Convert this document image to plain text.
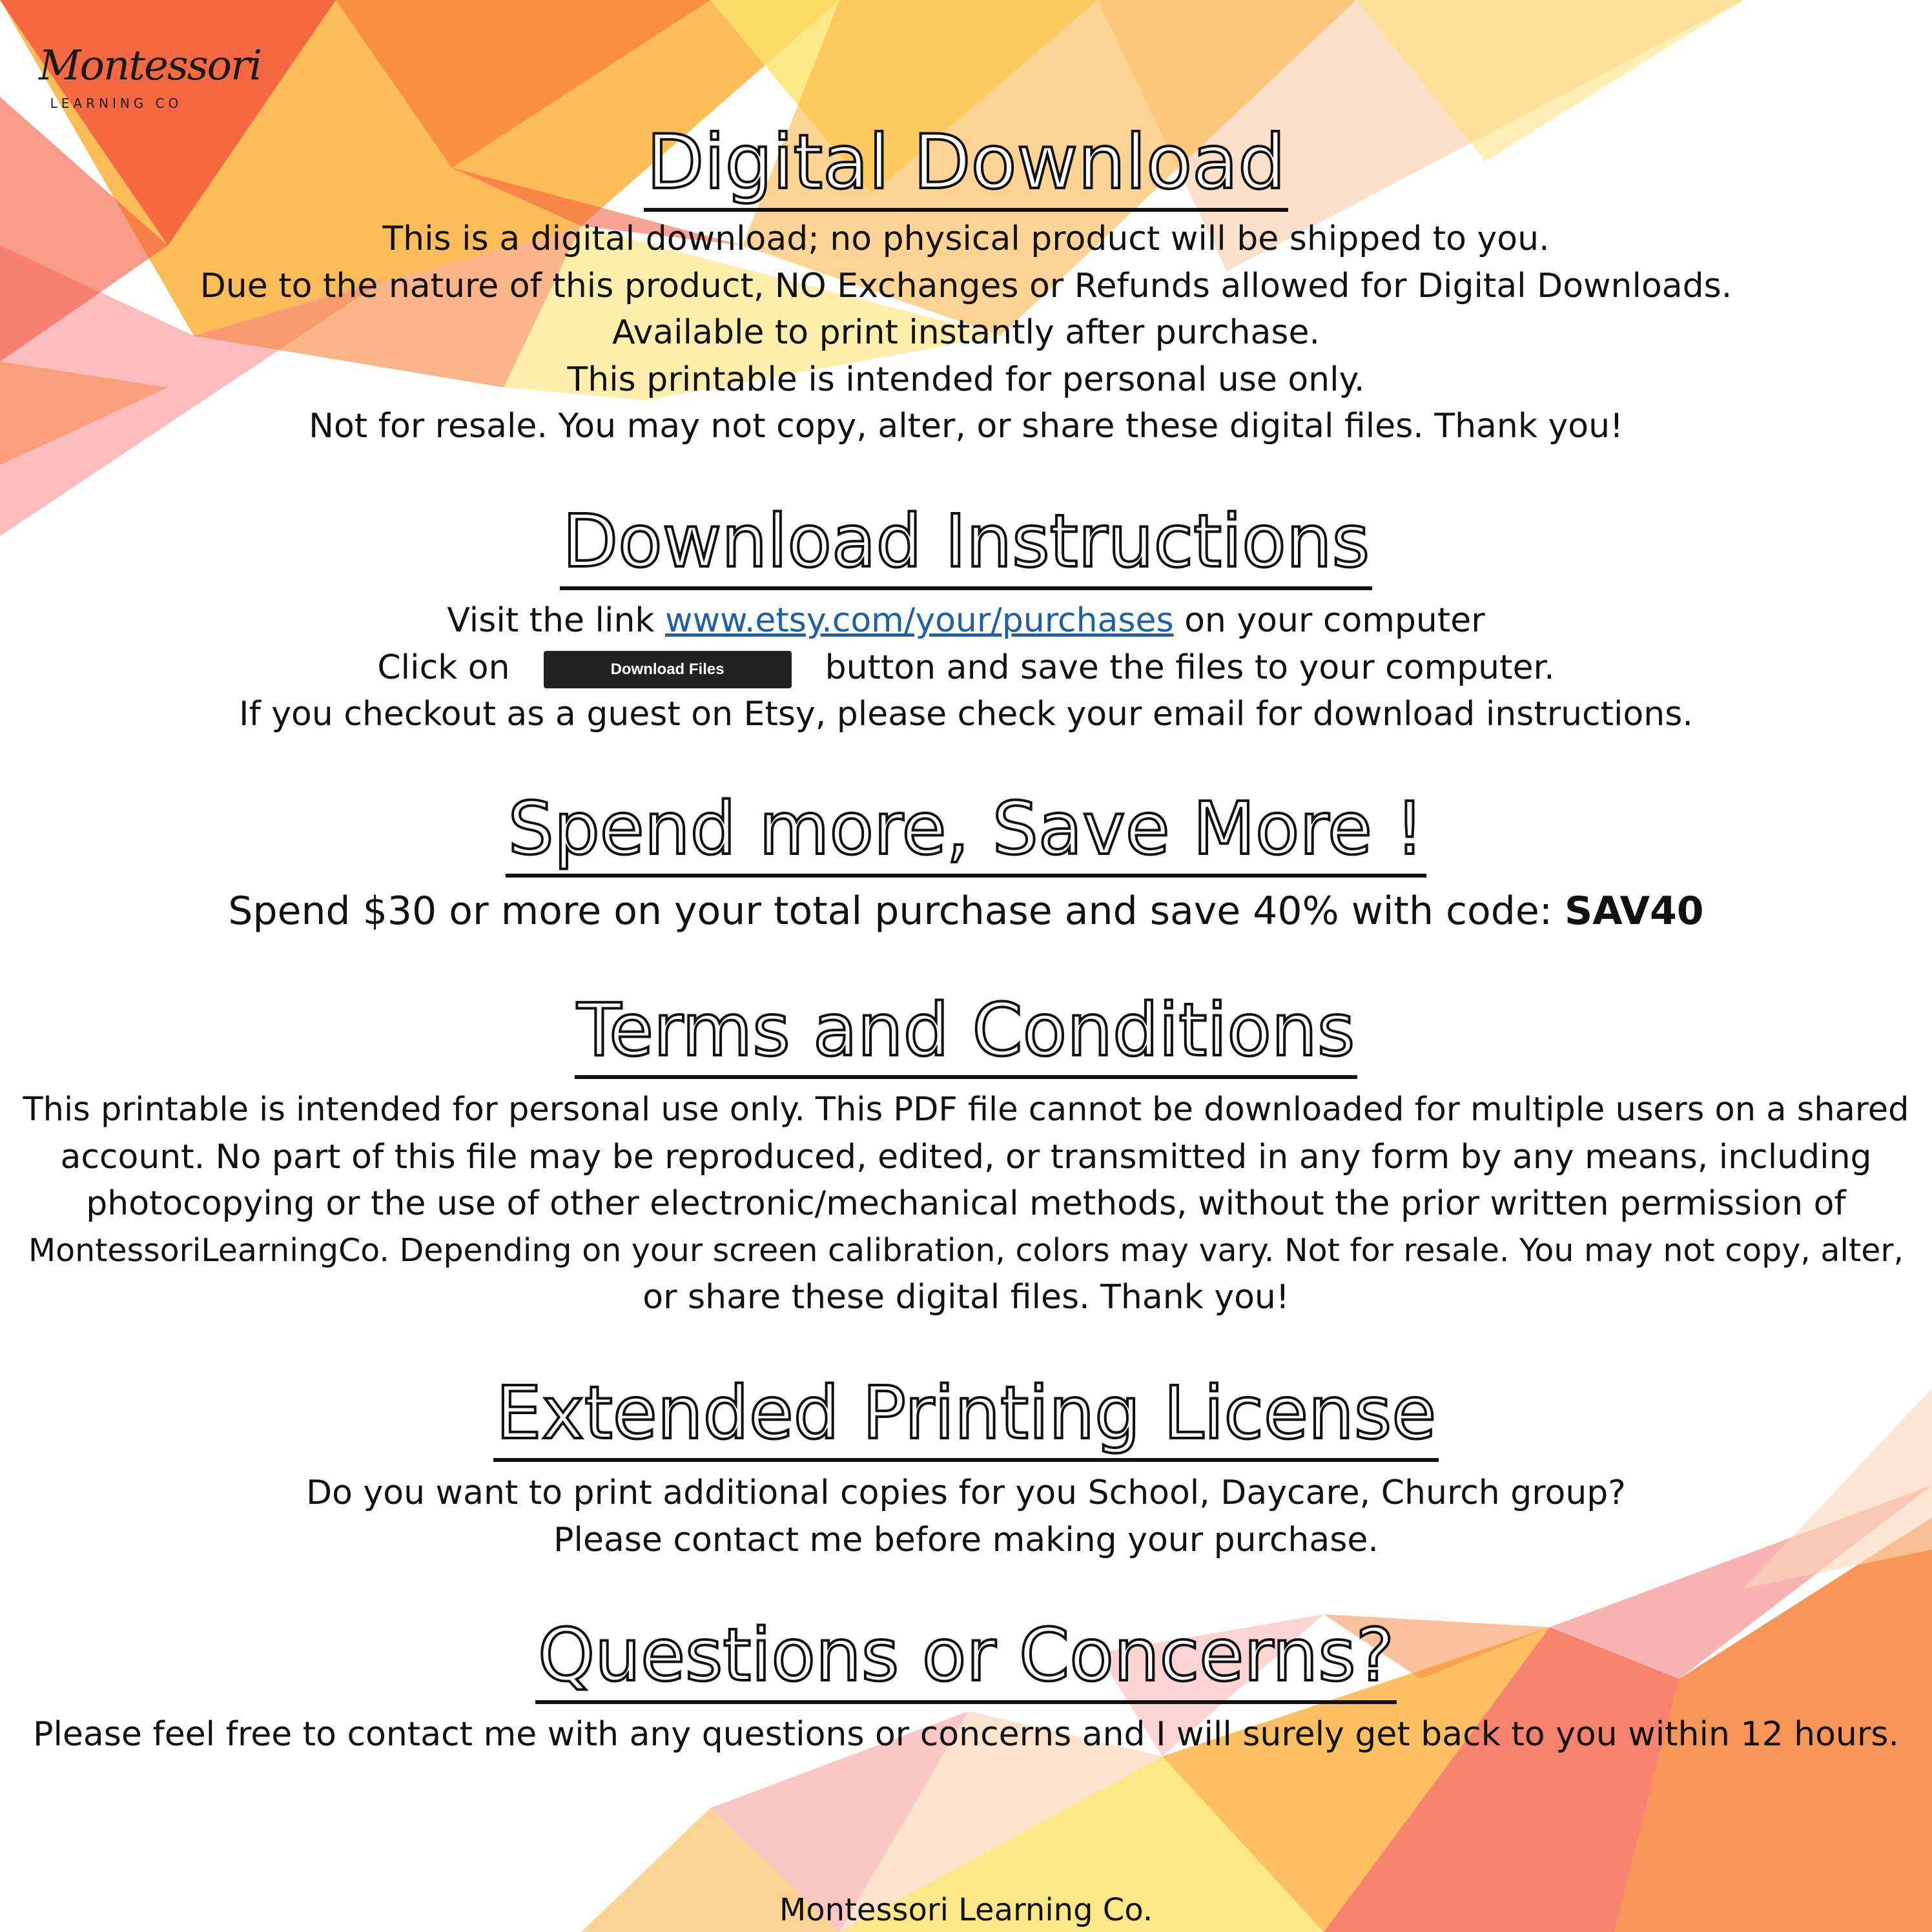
Montessori
LEARNING CO
Digital Download
This is a digital download; no physical product will be shipped to you.
Due to the nature of this product, NO Exchanges or Refunds allowed for Digital Downloads.
Available to print instantly after purchase.
This printable is intended for personal use only.
Not for resale. You may not copy, alter, or share these digital files. Thank you!
Download Instructions
Visit the link www.etsy.com/your/purchases on your computer
Click on	Download Files	button and save the files to your computer.
If you checkout as a guest on Etsy, please check your email for download instructions.
Spend more, Save More !
Spend $30 or more on your total purchase and save 40% with code: SAV40
Terms and Conditions
This printable is intended for personal use only. This PDF file cannot be downloaded for multiple users on a shared
account. No part of this file may be reproduced, edited, or transmitted in any form by any means, including
photocopying or the use of other electronic/mechanical methods, without the prior written permission of
MontessoriLearningCo. Depending on your screen calibration, colors may vary. Not for resale. You may not copy, alter,
or share these digital files. Thank you!
Extended Printing License
Do you want to print additional copies for you School, Daycare, Church group?
Please contact me before making your purchase.
Questions or Concerns?
Please feel free to contact me with any questions or concerns and I will surely get back to you within 12 hours.
Montessori Learning Co.
